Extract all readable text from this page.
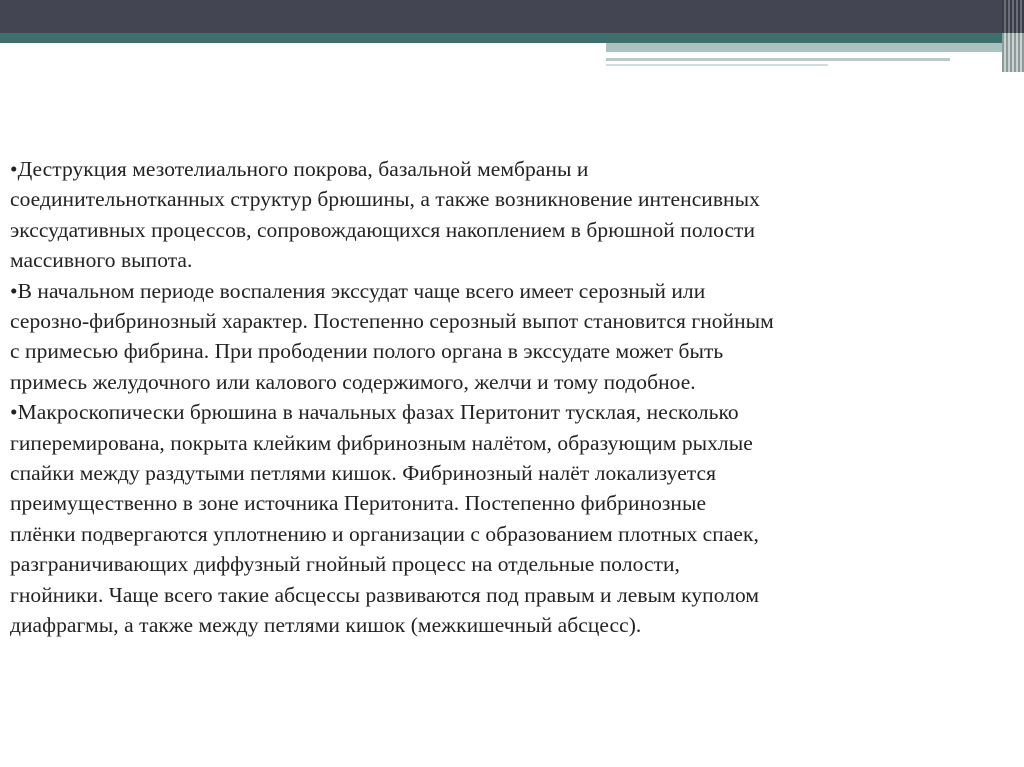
•Деструкция мезотелиального покрова, базальной мембраны и
соединительнотканных структур брюшины, а также возникновение интенсивных
экссудативных процессов, сопровождающихся накоплением в брюшной полости
массивного выпота.
•В начальном периоде воспаления экссудат чаще всего имеет серозный или
серозно-фибринозный характер. Постепенно серозный выпот становится гнойным
с примесью фибрина. При прободении полого органа в экссудате может быть
примесь желудочного или калового содержимого, желчи и тому подобное.
•Макроскопически брюшина в начальных фазах Перитонит тусклая, несколько
гиперемирована, покрыта клейким фибринозным налётом, образующим рыхлые
спайки между раздутыми петлями кишок. Фибринозный налёт локализуется
преимущественно в зоне источника Перитонита. Постепенно фибринозные
плёнки подвергаются уплотнению и организации с образованием плотных спаек,
разграничивающих диффузный гнойный процесс на отдельные полости,
гнойники. Чаще всего такие абсцессы развиваются под правым и левым куполом
диафрагмы, а также между петлями кишок (межкишечный абсцесс).
